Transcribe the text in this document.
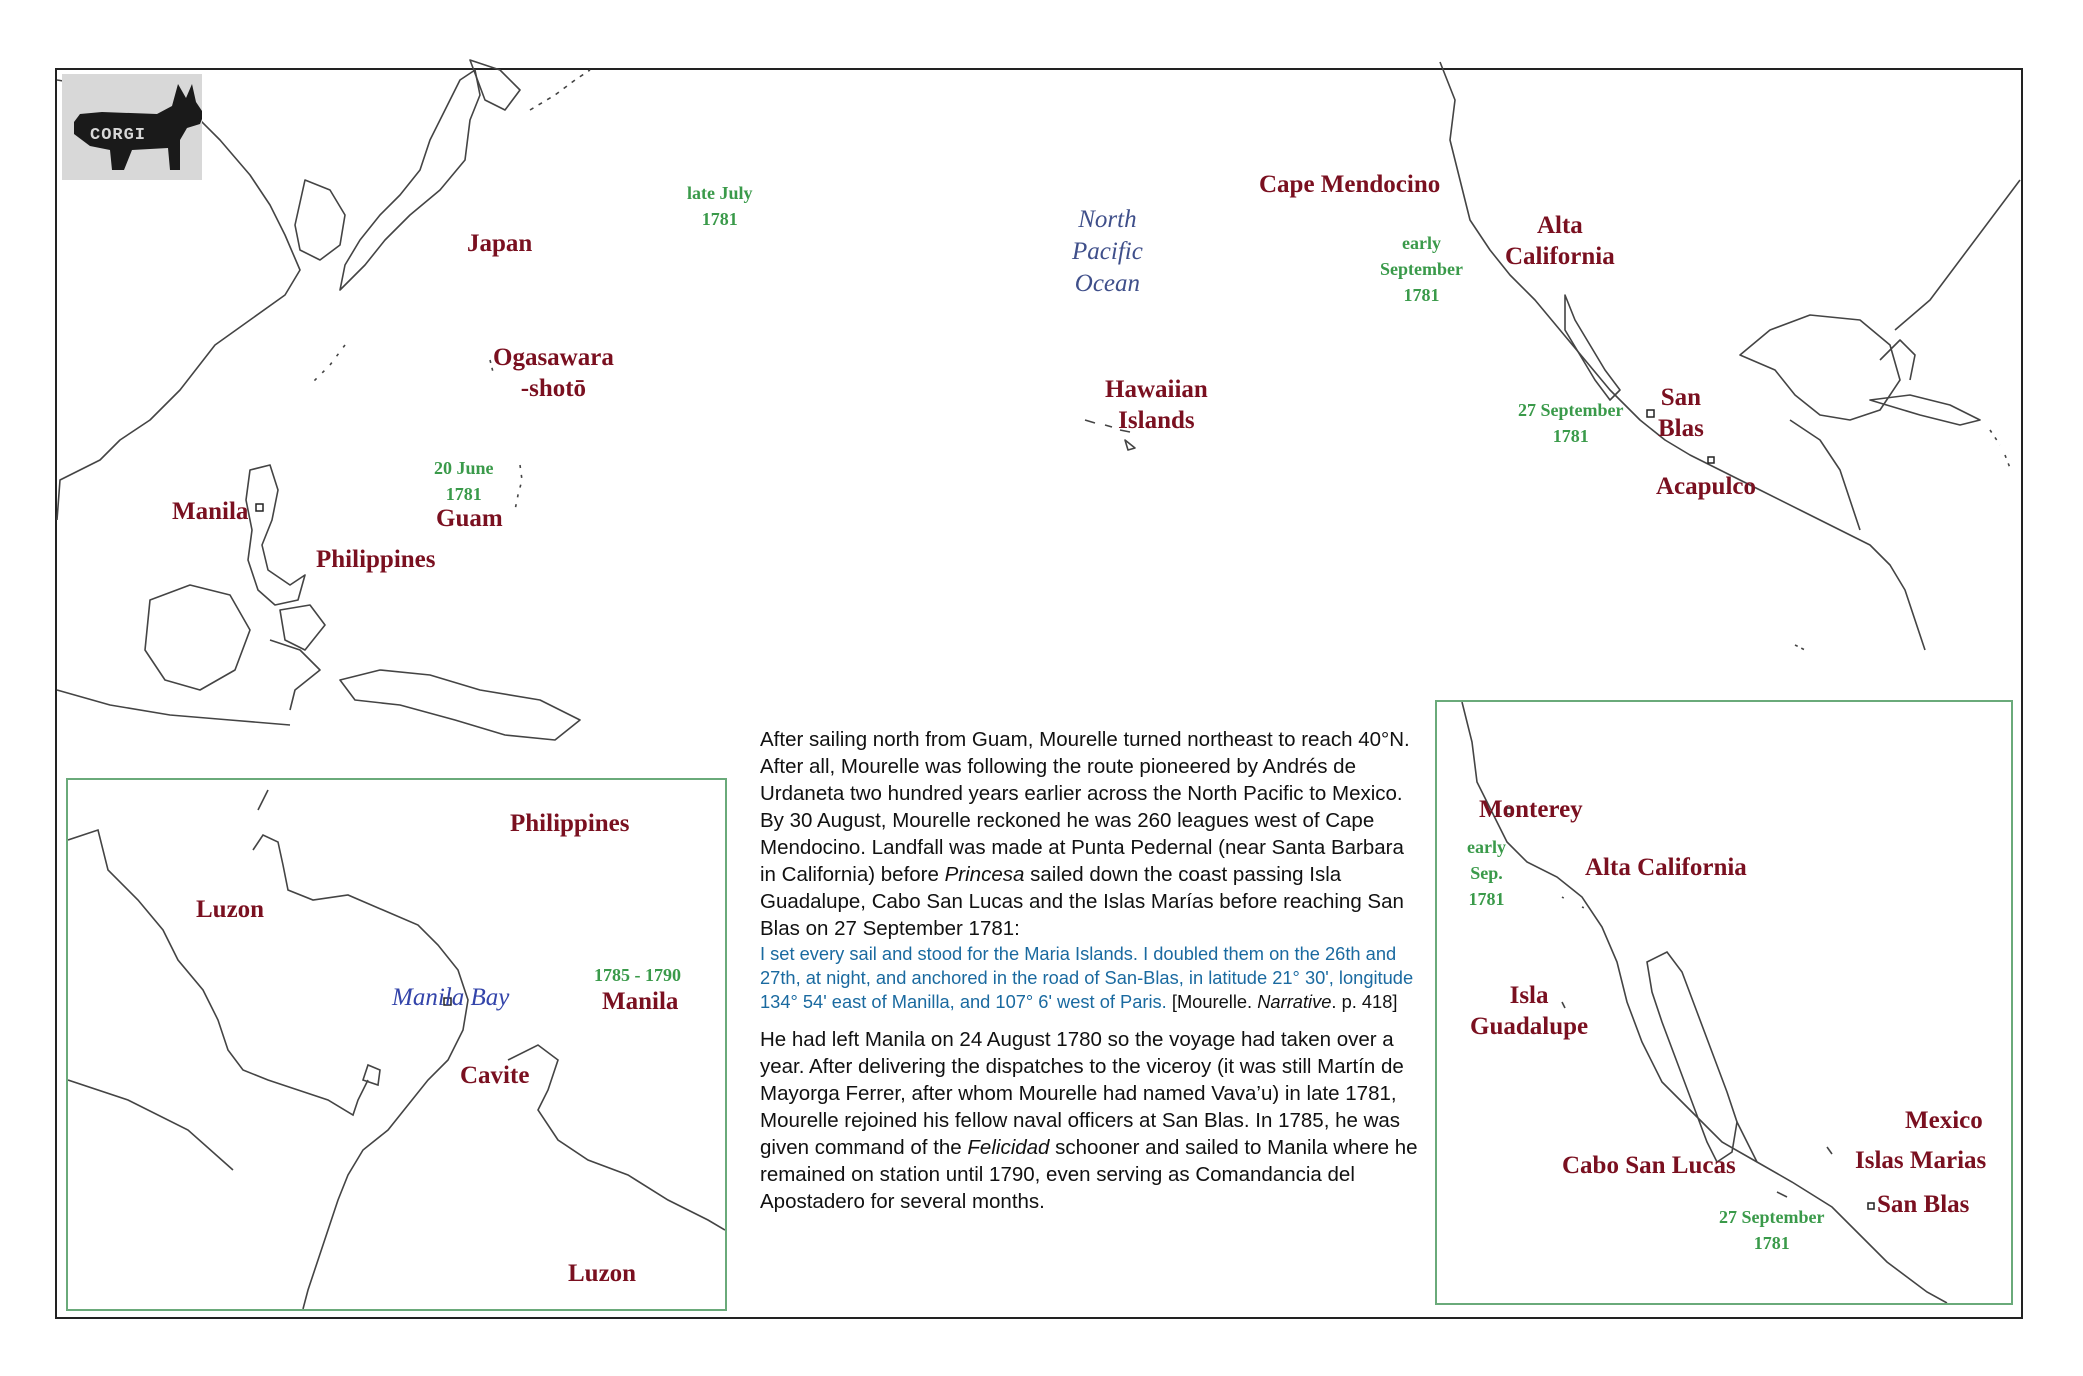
CORGI
Japan
Ogasawara
-shotō
late July
1781	North
Pacific
Ocean
Hawaiian
Islands
Cape Mendocino
early
September
1781
Alta
California
27 September
1781
San
Blas
Acapulco
20 June
1781
Guam
Manila
Philippines
Philippines
Luzon
Manila Bay
1785 - 1790
Manila
Cavite
Luzon
Monterey
early
Sep.
1781
Alta California
Isla
Guadalupe
Mexico
Islas Marias
Cabo San Lucas
San Blas
27 September
1781

After sailing north from Guam, Mourelle turned northeast to reach 40°N. After all, Mourelle was following the route pioneered by Andrés de Urdaneta two hundred years earlier across the North Pacific to Mexico. By 30 August, Mourelle reckoned he was 260 leagues west of Cape Mendocino. Landfall was made at Punta Pedernal (near Santa Barbara in California) before Princesa sailed down the coast passing Isla Guadalupe, Cabo San Lucas and the Islas Marías before reaching San Blas on 27 September 1781:

I set every sail and stood for the Maria Islands. I doubled them on the 26th and 27th, at night, and anchored in the road of San-Blas, in latitude 21° 30', longitude 134° 54' east of Manilla, and 107° 6' west of Paris. [Mourelle. Narrative. p. 418]

He had left Manila on 24 August 1780 so the voyage had taken over a year. After delivering the dispatches to the viceroy (it was still Martín de Mayorga Ferrer, after whom Mourelle had named Vava’u) in late 1781, Mourelle rejoined his fellow naval officers at San Blas. In 1785, he was given command of the Felicidad schooner and sailed to Manila where he remained on station until 1790, even serving as Comandancia del Apostadero for several months.
